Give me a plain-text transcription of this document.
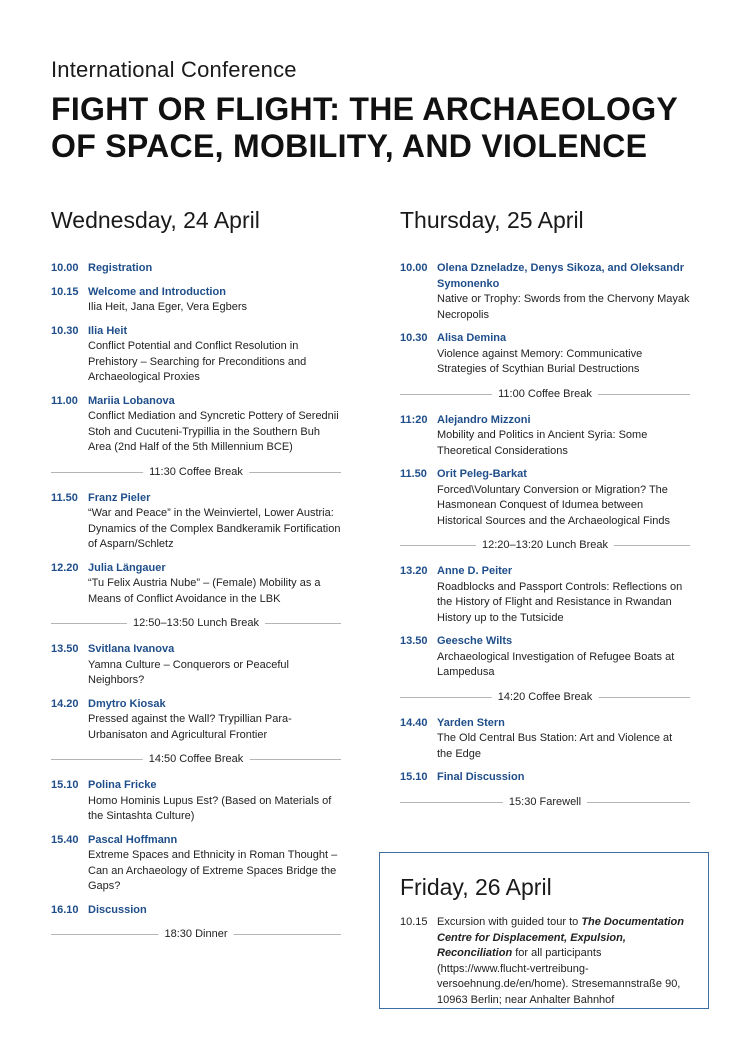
International Conference
FIGHT OR FLIGHT: THE ARCHAEOLOGY OF SPACE, MOBILITY, AND VIOLENCE
Wednesday, 24 April
10.00 Registration
10.15 Welcome and Introduction
Ilia Heit, Jana Eger, Vera Egbers
10.30 Ilia Heit
Conflict Potential and Conflict Resolution in Prehistory – Searching for Preconditions and Archaeological Proxies
11.00 Mariia Lobanova
Conflict Mediation and Syncretic Pottery of Serednii Stoh and Cucuteni-Trypillia in the Southern Buh Area (2nd Half of the 5th Millennium BCE)
11:30 Coffee Break
11.50 Franz Pieler
“War and Peace” in the Weinviertel, Lower Austria: Dynamics of the Complex Bandkeramik Fortification of Asparn/Schletz
12.20 Julia Längauer
“Tu Felix Austria Nube” – (Female) Mobility as a Means of Conflict Avoidance in the LBK
12:50–13:50 Lunch Break
13.50 Svitlana Ivanova
Yamna Culture – Conquerors or Peaceful Neighbors?
14.20 Dmytro Kiosak
Pressed against the Wall? Trypillian Para-Urbanisaton and Agricultural Frontier
14:50 Coffee Break
15.10 Polina Fricke
Homo Hominis Lupus Est? (Based on Materials of the Sintashta Culture)
15.40 Pascal Hoffmann
Extreme Spaces and Ethnicity in Roman Thought – Can an Archaeology of Extreme Spaces Bridge the Gaps?
16.10 Discussion
18:30 Dinner
Thursday, 25 April
10.00 Olena Dzneladze, Denys Sikoza, and Oleksandr Symonenko
Native or Trophy: Swords from the Chervony Mayak Necropolis
10.30 Alisa Demina
Violence against Memory: Communicative Strategies of Scythian Burial Destructions
11:00 Coffee Break
11:20 Alejandro Mizzoni
Mobility and Politics in Ancient Syria: Some Theoretical Considerations
11.50 Orit Peleg-Barkat
Forced\Voluntary Conversion or Migration? The Hasmonean Conquest of Idumea between Historical Sources and the Archaeological Finds
12:20–13:20 Lunch Break
13.20 Anne D. Peiter
Roadblocks and Passport Controls: Reflections on the History of Flight and Resistance in Rwandan History up to the Tutsicide
13.50 Geesche Wilts
Archaeological Investigation of Refugee Boats at Lampedusa
14:20 Coffee Break
14.40 Yarden Stern
The Old Central Bus Station: Art and Violence at the Edge
15.10 Final Discussion
15:30 Farewell
Friday, 26 April
10.15 Excursion with guided tour to The Documentation Centre for Displacement, Expulsion, Reconciliation for all participants (https://www.flucht-vertreibung-versoehnung.de/en/home). Stresemannstraße 90, 10963 Berlin; near Anhalter Bahnhof
